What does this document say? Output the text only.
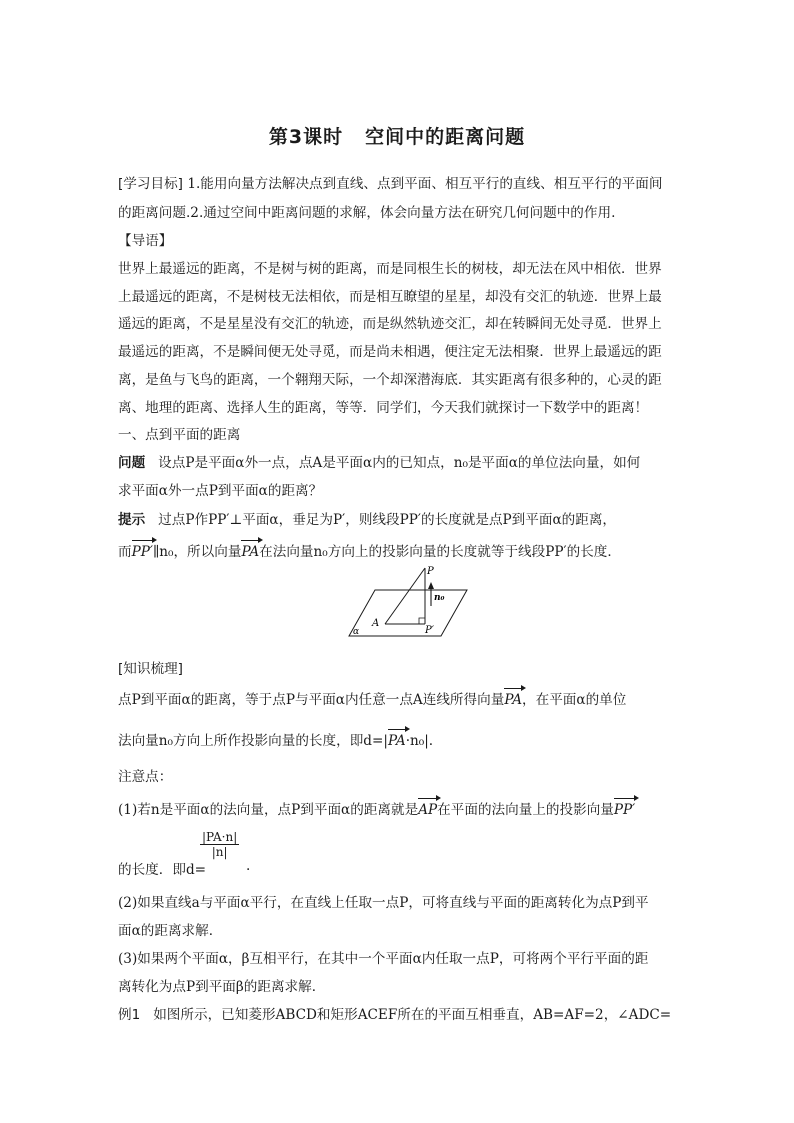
第3课时 空间中的距离问题
[学习目标] 1.能用向量方法解决点到直线、点到平面、相互平行的直线、相互平行的平面间
的距离问题.2.通过空间中距离问题的求解，体会向量方法在研究几何问题中的作用.
【导语】
世界上最遥远的距离，不是树与树的距离，而是同根生长的树枝，却无法在风中相依．世界
上最遥远的距离，不是树枝无法相依，而是相互瞭望的星星，却没有交汇的轨迹．世界上最
遥远的距离，不是星星没有交汇的轨迹，而是纵然轨迹交汇，却在转瞬间无处寻觅．世界上
最遥远的距离，不是瞬间便无处寻觅，而是尚未相遇，便注定无法相聚．世界上最遥远的距
离，是鱼与飞鸟的距离，一个翱翔天际，一个却深潜海底．其实距离有很多种的，心灵的距
离、地理的距离、选择人生的距离，等等．同学们，今天我们就探讨一下数学中的距离！
一、点到平面的距离
问题 设点P是平面α外一点，点A是平面α内的已知点，n₀是平面α的单位法向量，如何
求平面α外一点P到平面α的距离？
提示 过点P作PP′⊥平面α，垂足为P′，则线段PP′的长度就是点P到平面α的距离，
而PP′∥n₀，所以向量PA在法向量n₀方向上的投影向量的长度就等于线段PP′的长度．
P
A
P′
n₀
α
[知识梳理]
点P到平面α的距离，等于点P与平面α内任意一点A连线所得向量PA，在平面α的单位
法向量n₀方向上所作投影向量的长度，即d=|PA·n₀|.
注意点：
(1)若n是平面α的法向量，点P到平面α的距离就是AP在平面的法向量上的投影向量PP′
的长度．即d=
$\frac{|PA\cdot n|}{|n|}$
.
(2)如果直线a与平面α平行，在直线上任取一点P，可将直线与平面的距离转化为点P到平
面α的距离求解．
(3)如果两个平面α，β互相平行，在其中一个平面α内任取一点P，可将两个平行平面的距
离转化为点P到平面β的距离求解．
例1 如图所示，已知菱形ABCD和矩形ACEF所在的平面互相垂直，AB=AF=2，∠ADC=
